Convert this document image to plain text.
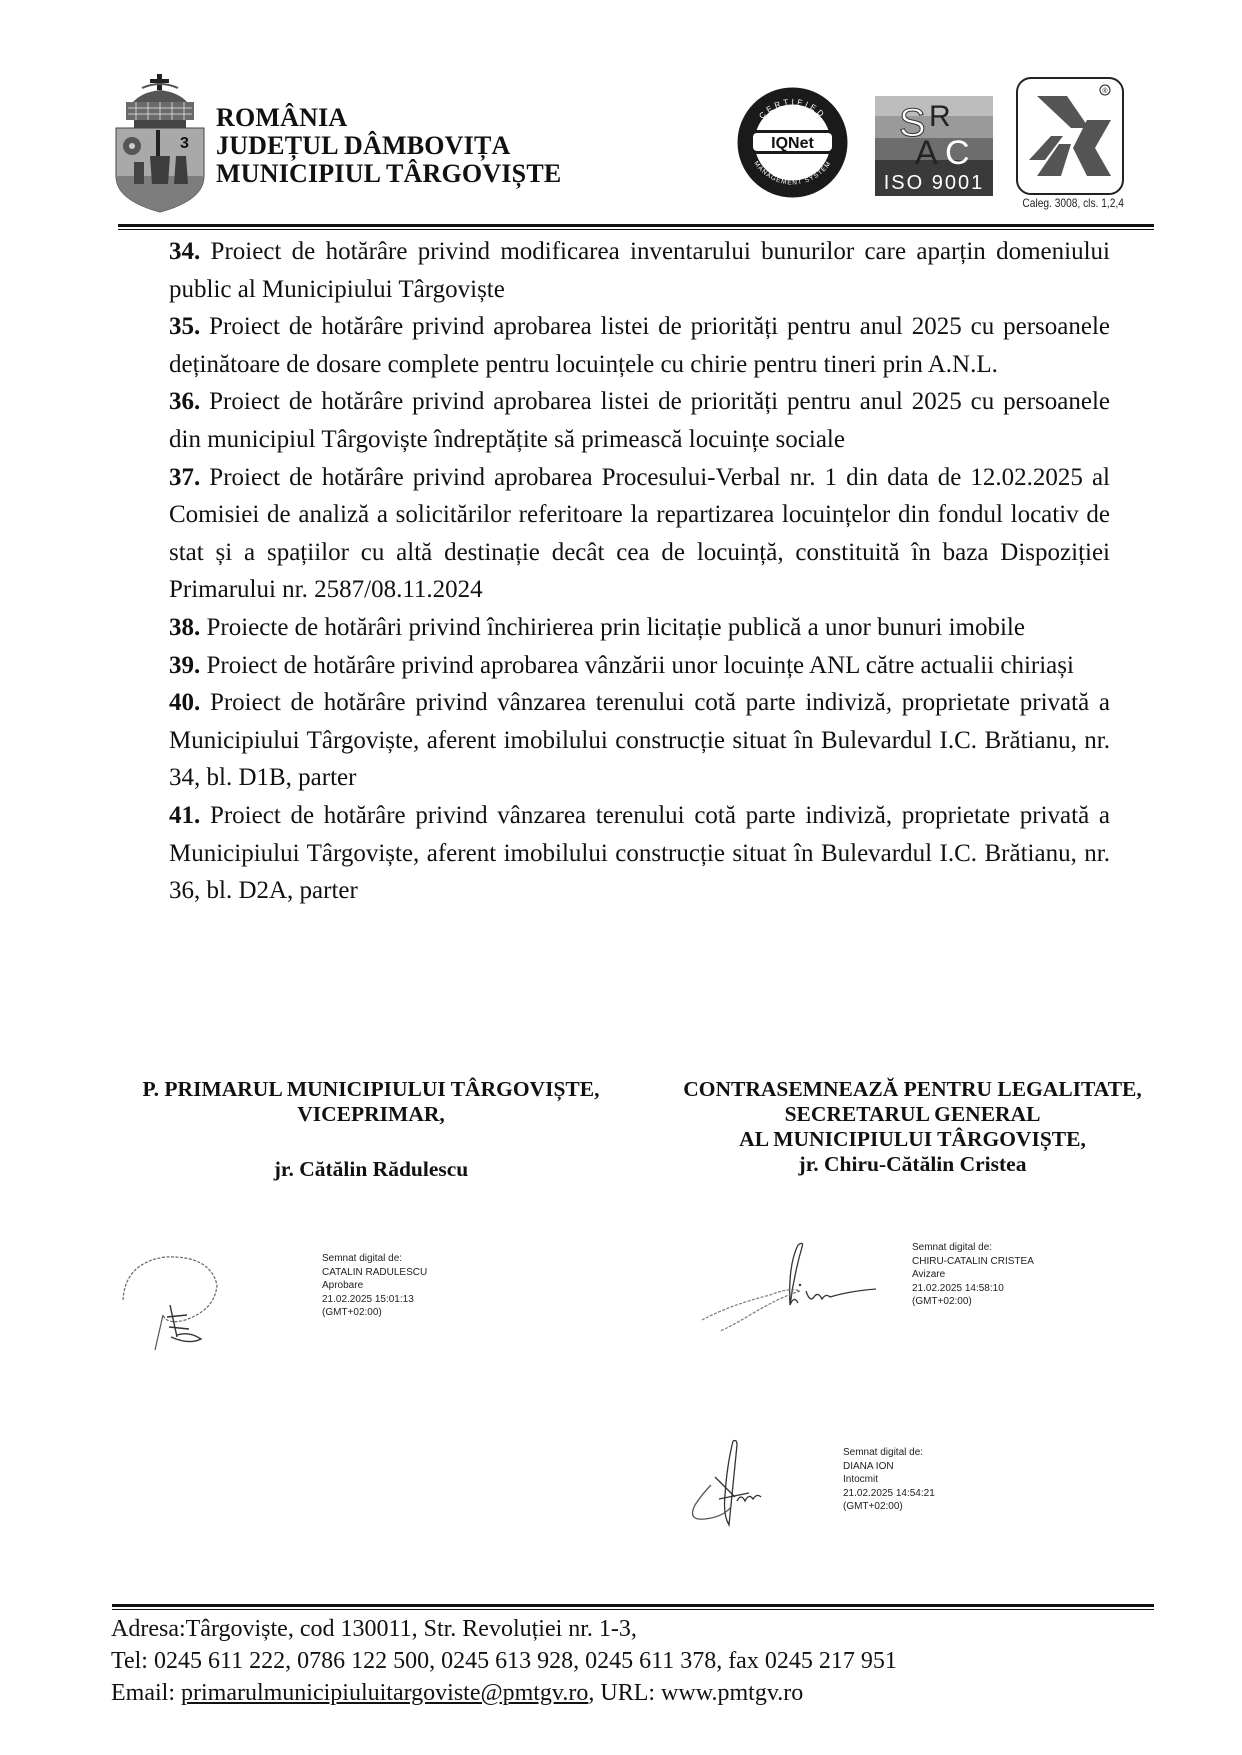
3
ROMÂNIA
JUDEȚUL DÂMBOVIȚA
MUNICIPIUL TÂRGOVIȘTE
IQNet
CERTIFIED
MANAGEMENT SYSTEM
S R
A C
ISO 9001
®
Caleg. 3008, cls. 1,2,4

34. Proiect de hotărâre privind modificarea inventarului bunurilor care aparțin domeniului public al Municipiului Târgoviște

35. Proiect de hotărâre privind aprobarea listei de priorități pentru anul 2025 cu persoanele deținătoare de dosare complete pentru locuințele cu chirie pentru tineri prin A.N.L.

36. Proiect de hotărâre privind aprobarea listei de priorități pentru anul 2025 cu persoanele din municipiul Târgoviște îndreptățite să primească locuințe sociale

37. Proiect de hotărâre privind aprobarea Procesului-Verbal nr. 1 din data de 12.02.2025 al Comisiei de analiză a solicitărilor referitoare la repartizarea locuințelor din fondul locativ de stat și a spațiilor cu altă destinație decât cea de locuință, constituită în baza Dispoziției Primarului nr. 2587/08.11.2024

38. Proiecte de hotărâri privind închirierea prin licitație publică a unor bunuri imobile

39. Proiect de hotărâre privind aprobarea vânzării unor locuințe ANL către actualii chiriași

40. Proiect de hotărâre privind vânzarea terenului cotă parte indiviză, proprietate privată a Municipiului Târgoviște, aferent imobilului construcție situat în Bulevardul I.C. Brătianu, nr. 34, bl. D1B, parter

41. Proiect de hotărâre privind vânzarea terenului cotă parte indiviză, proprietate privată a Municipiului Târgoviște, aferent imobilului construcție situat în Bulevardul I.C. Brătianu, nr. 36, bl. D2A, parter

P. PRIMARUL MUNICIPIULUI TÂRGOVIȘTE,
VICEPRIMAR,
jr. Cătălin Rădulescu
CONTRASEMNEAZĂ PENTRU LEGALITATE,
SECRETARUL GENERAL
AL MUNICIPIULUI TÂRGOVIȘTE,
jr. Chiru-Cătălin Cristea
Semnat digital de:
CATALIN RADULESCU
Aprobare
21.02.2025 15:01:13
(GMT+02:00)
Semnat digital de:
CHIRU-CATALIN CRISTEA
Avizare
21.02.2025 14:58:10
(GMT+02:00)
Semnat digital de:
DIANA ION
Intocmit
21.02.2025 14:54:21
(GMT+02:00)
Adresa:Târgoviște, cod 130011, Str. Revoluției nr. 1-3,
Tel: 0245 611 222, 0786 122 500, 0245 613 928, 0245 611 378, fax 0245 217 951
Email: primarulmunicipiuluitargoviste@pmtgv.ro, URL: www.pmtgv.ro
